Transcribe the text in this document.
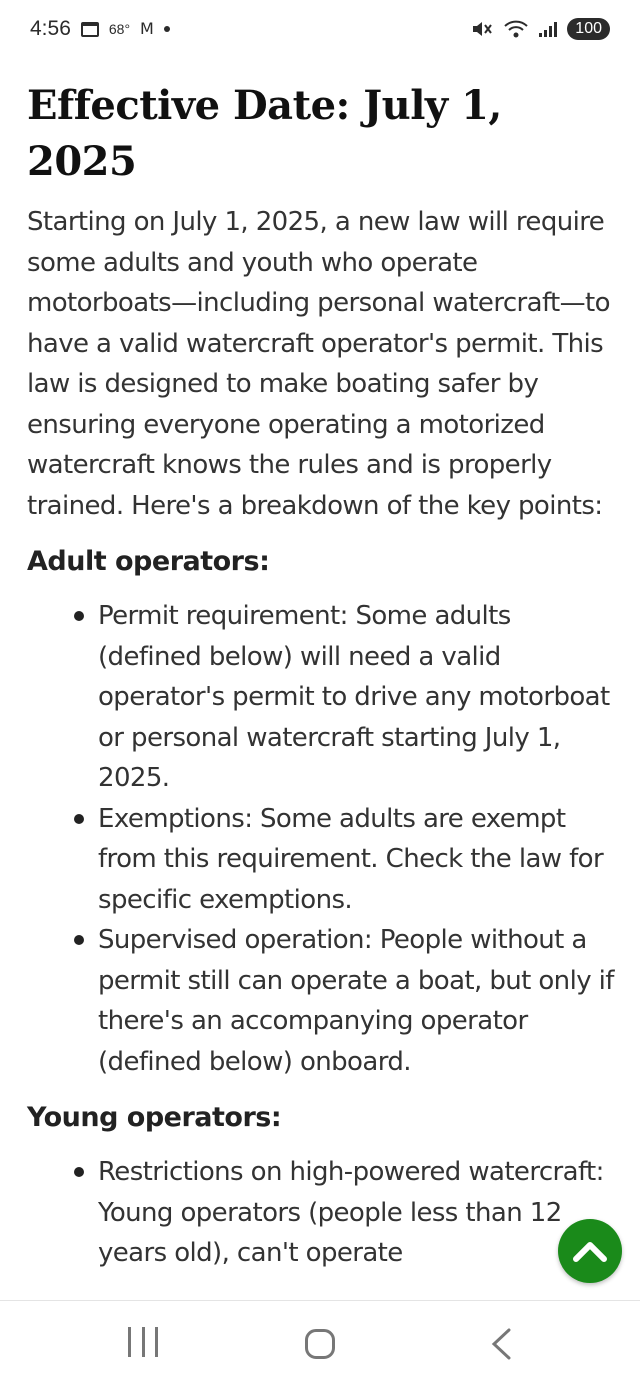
4:56	68° M	100
Effective Date: July 1, 2025

Starting on July 1, 2025, a new law will require some adults and youth who operate motorboats—including personal watercraft—to have a valid watercraft operator's permit. This law is designed to make boating safer by ensuring everyone operating a motorized watercraft knows the rules and is properly trained. Here's a breakdown of the key points:

Adult operators:
Permit requirement: Some adults (defined below) will need a valid operator's permit to drive any motorboat or personal watercraft starting July 1, 2025.
Exemptions: Some adults are exempt from this requirement. Check the law for specific exemptions.
Supervised operation: People without a permit still can operate a boat, but only if there's an accompanying operator (defined below) onboard.
Young operators:
Restrictions on high-powered watercraft: Young operators (people less than 12 years old), can't operate
